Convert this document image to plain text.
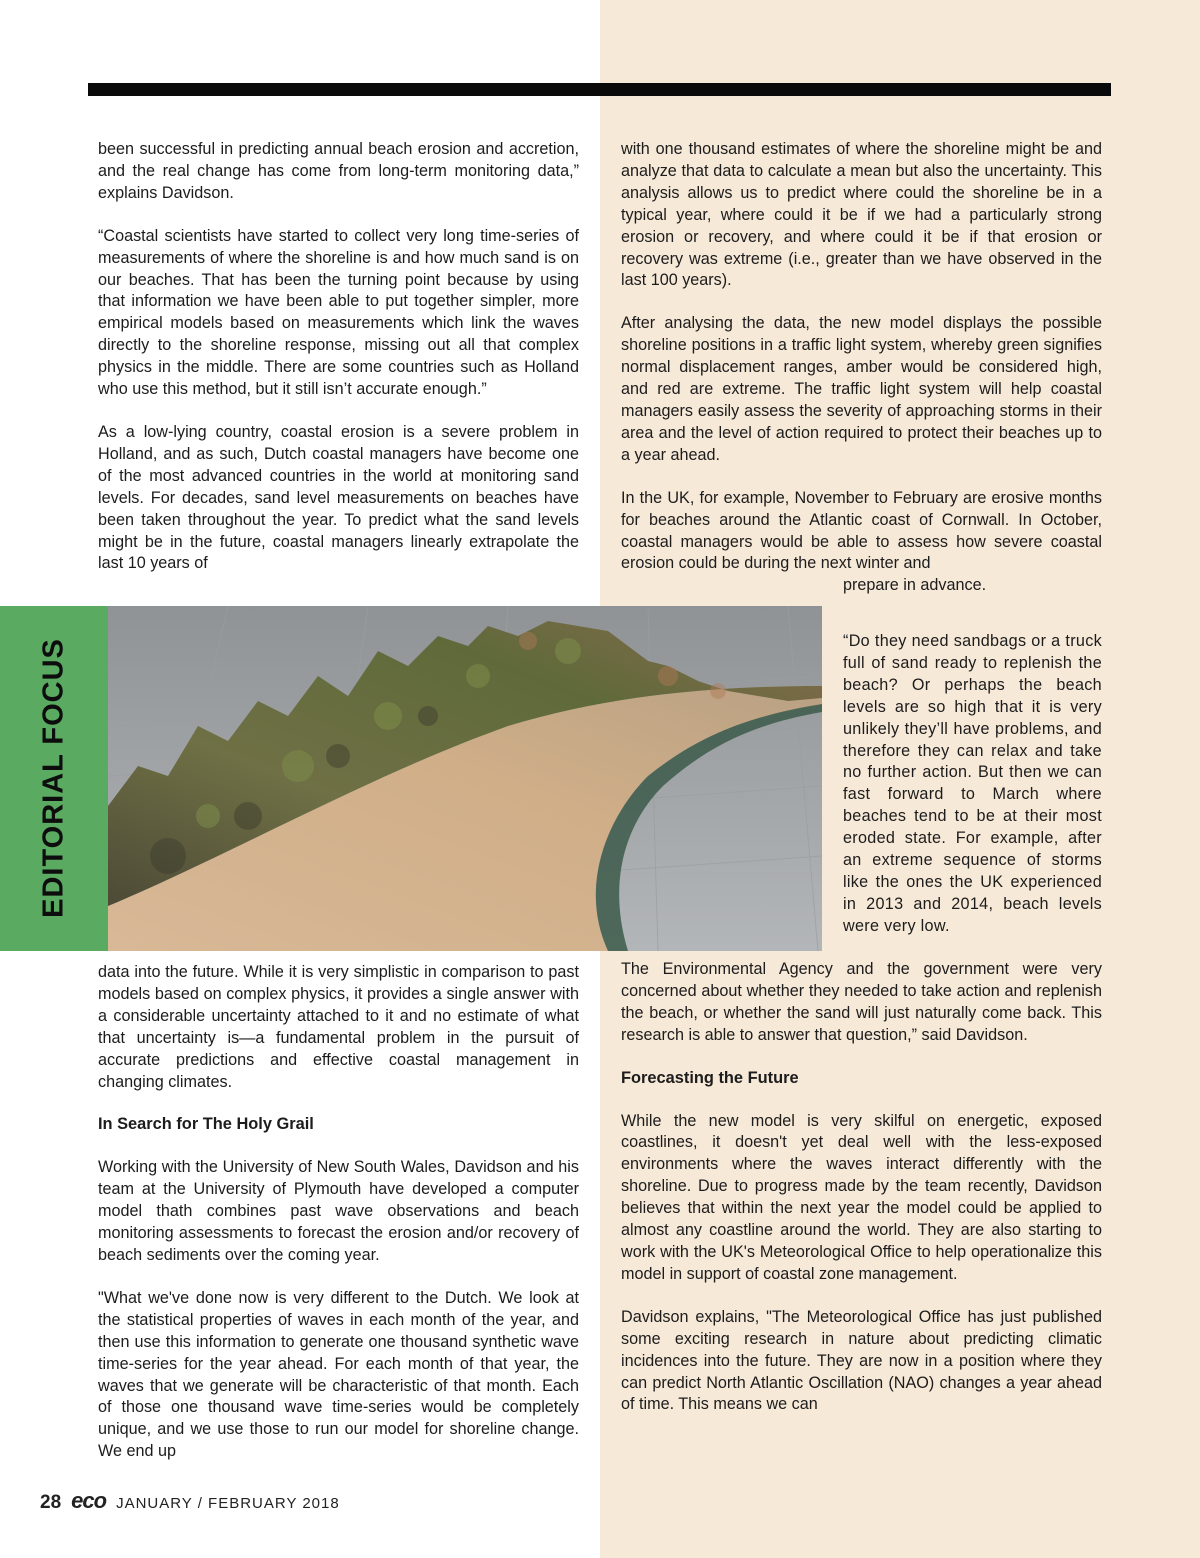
been successful in predicting annual beach erosion and accretion, and the real change has come from long-term monitoring data,” explains Davidson.

“Coastal scientists have started to collect very long time-series of measurements of where the shoreline is and how much sand is on our beaches. That has been the turning point because by using that information we have been able to put together simpler, more empirical models based on measurements which link the waves directly to the shoreline response, missing out all that complex physics in the middle. There are some countries such as Holland who use this method, but it still isn’t accurate enough.”

As a low-lying country, coastal erosion is a severe problem in Holland, and as such, Dutch coastal managers have become one of the most advanced countries in the world at monitoring sand levels. For decades, sand level measurements on beaches have been taken throughout the year. To predict what the sand levels might be in the future, coastal managers linearly extrapolate the last 10 years of

with one thousand estimates of where the shoreline might be and analyze that data to calculate a mean but also the uncertainty. This analysis allows us to predict where could the shoreline be in a typical year, where could it be if we had a particularly strong erosion or recovery, and where could it be if that erosion or recovery was extreme (i.e., greater than we have observed in the last 100 years).

After analysing the data, the new model displays the possible shoreline positions in a traffic light system, whereby green signifies normal displacement ranges, amber would be considered high, and red are extreme. The traffic light system will help coastal managers easily assess the severity of approaching storms in their area and the level of action required to protect their beaches up to a year ahead.

In the UK, for example, November to February are erosive months for beaches around the Atlantic coast of Cornwall. In October, coastal managers would be able to assess how severe coastal erosion could be during the next winter and

prepare in advance.

EDITORIAL FOCUS	“Do they need sandbags or a truck full of sand ready to replenish the beach? Or perhaps the beach levels are so high that it is very unlikely they’ll have problems, and therefore they can relax and take no further action. But then we can fast forward to March where beaches tend to be at their most eroded state. For example, after an extreme sequence of storms like the ones the UK experienced in 2013 and 2014, beach levels were very low.

data into the future. While it is very simplistic in comparison to past models based on complex physics, it provides a single answer with a considerable uncertainty attached to it and no estimate of what that uncertainty is—a fundamental problem in the pursuit of accurate predictions and effective coastal management in changing climates.

In Search for The Holy Grail

Working with the University of New South Wales, Davidson and his team at the University of Plymouth have developed a computer model thath combines past wave observations and beach monitoring assessments to forecast the erosion and/or recovery of beach sediments over the coming year.

"What we've done now is very different to the Dutch. We look at the statistical properties of waves in each month of the year, and then use this information to generate one thousand synthetic wave time-series for the year ahead. For each month of that year, the waves that we generate will be characteristic of that month. Each of those one thousand wave time-series would be completely unique, and we use those to run our model for shoreline change. We end up

The Environmental Agency and the government were very concerned about whether they needed to take action and replenish the beach, or whether the sand will just naturally come back. This research is able to answer that question,” said Davidson.

Forecasting the Future

While the new model is very skilful on energetic, exposed coastlines, it doesn't yet deal well with the less-exposed environments where the waves interact differently with the shoreline. Due to progress made by the team recently, Davidson believes that within the next year the model could be applied to almost any coastline around the world. They are also starting to work with the UK's Meteorological Office to help operationalize this model in support of coastal zone management.

Davidson explains, "The Meteorological Office has just published some exciting research in nature about predicting climatic incidences into the future. They are now in a position where they can predict North Atlantic Oscillation (NAO) changes a year ahead of time. This means we can

28 eco JANUARY / FEBRUARY 2018
